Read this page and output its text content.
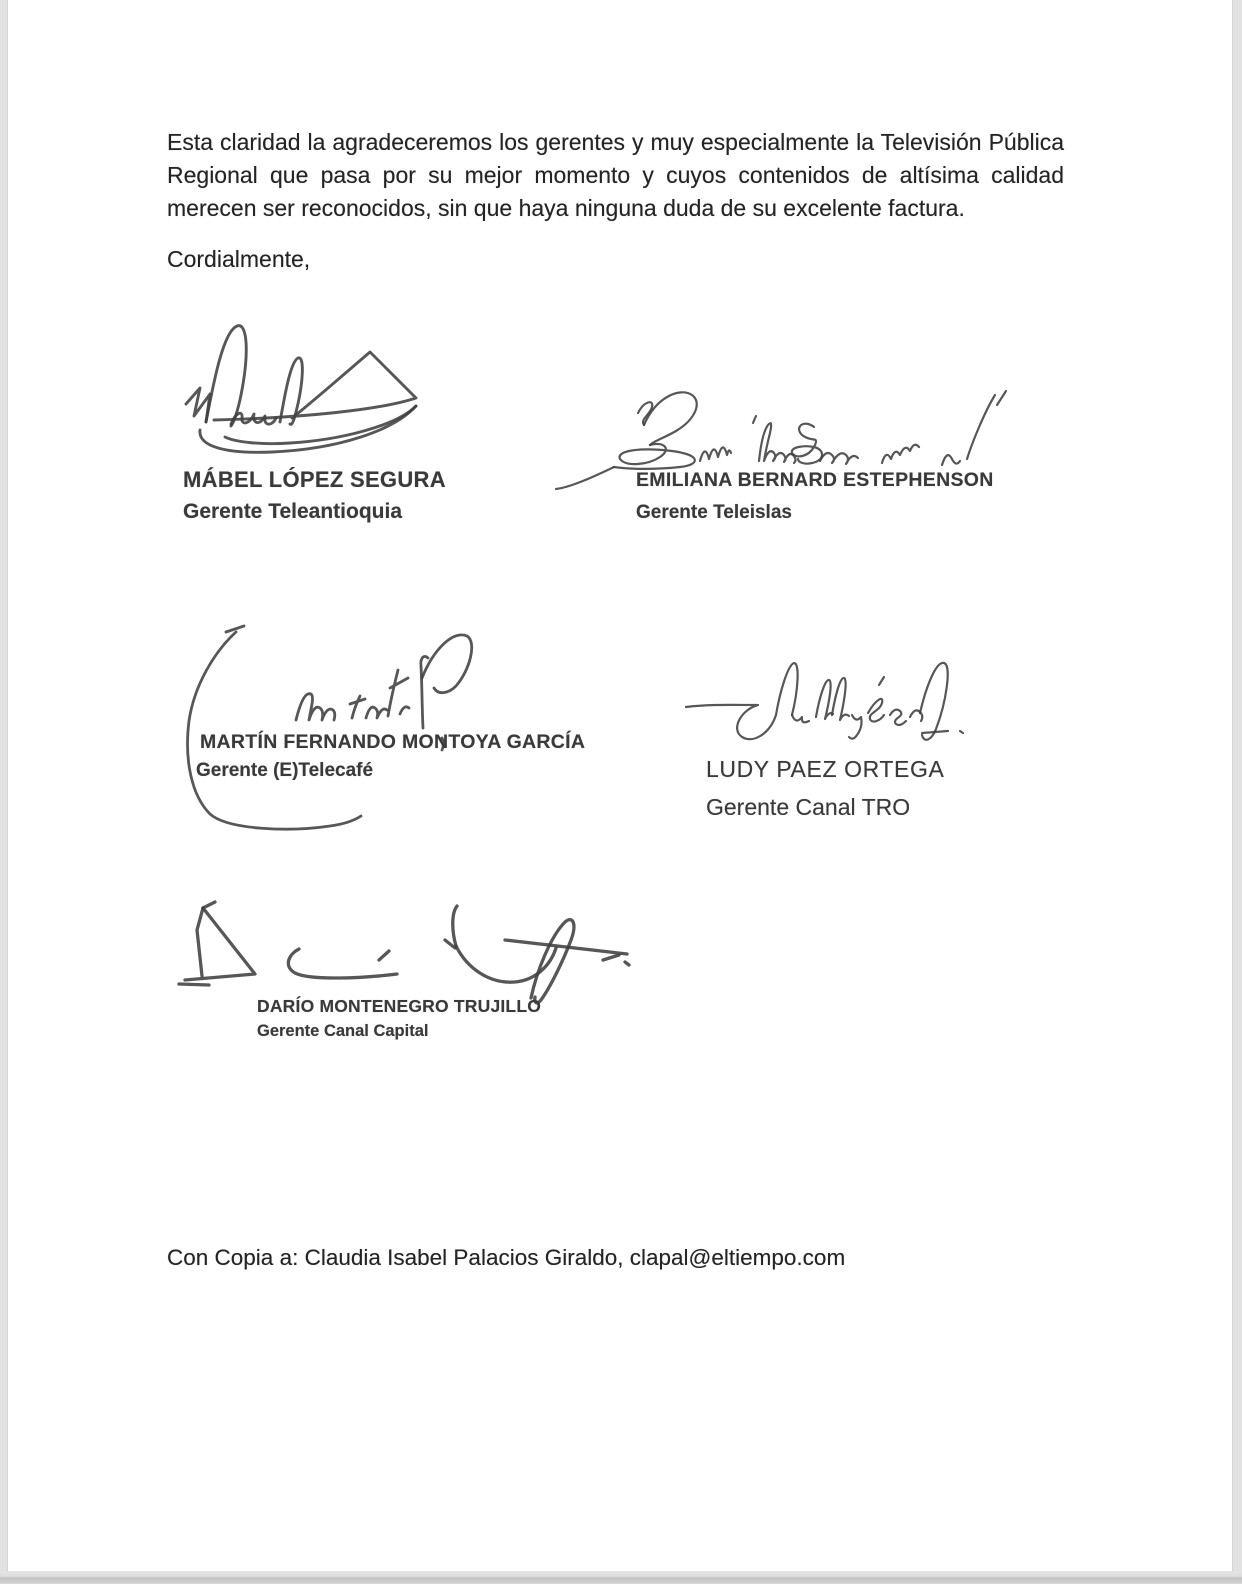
Esta claridad la agradeceremos los gerentes y muy especialmente la Televisión Pública Regional que pasa por su mejor momento y cuyos contenidos de altísima calidad merecen ser reconocidos, sin que haya ninguna duda de su excelente factura.

Cordialmente,

MÁBEL LÓPEZ SEGURA
Gerente Teleantioquia
EMILIANA BERNARD ESTEPHENSON
Gerente Teleislas
MARTÍN FERNANDO MONTOYA GARCÍA
Gerente (E)Telecafé	LUDY PAEZ ORTEGA
Gerente Canal TRO
DARÍO MONTENEGRO TRUJILLO
Gerente Canal Capital

Con Copia a: Claudia Isabel Palacios Giraldo, clapal@eltiempo.com
